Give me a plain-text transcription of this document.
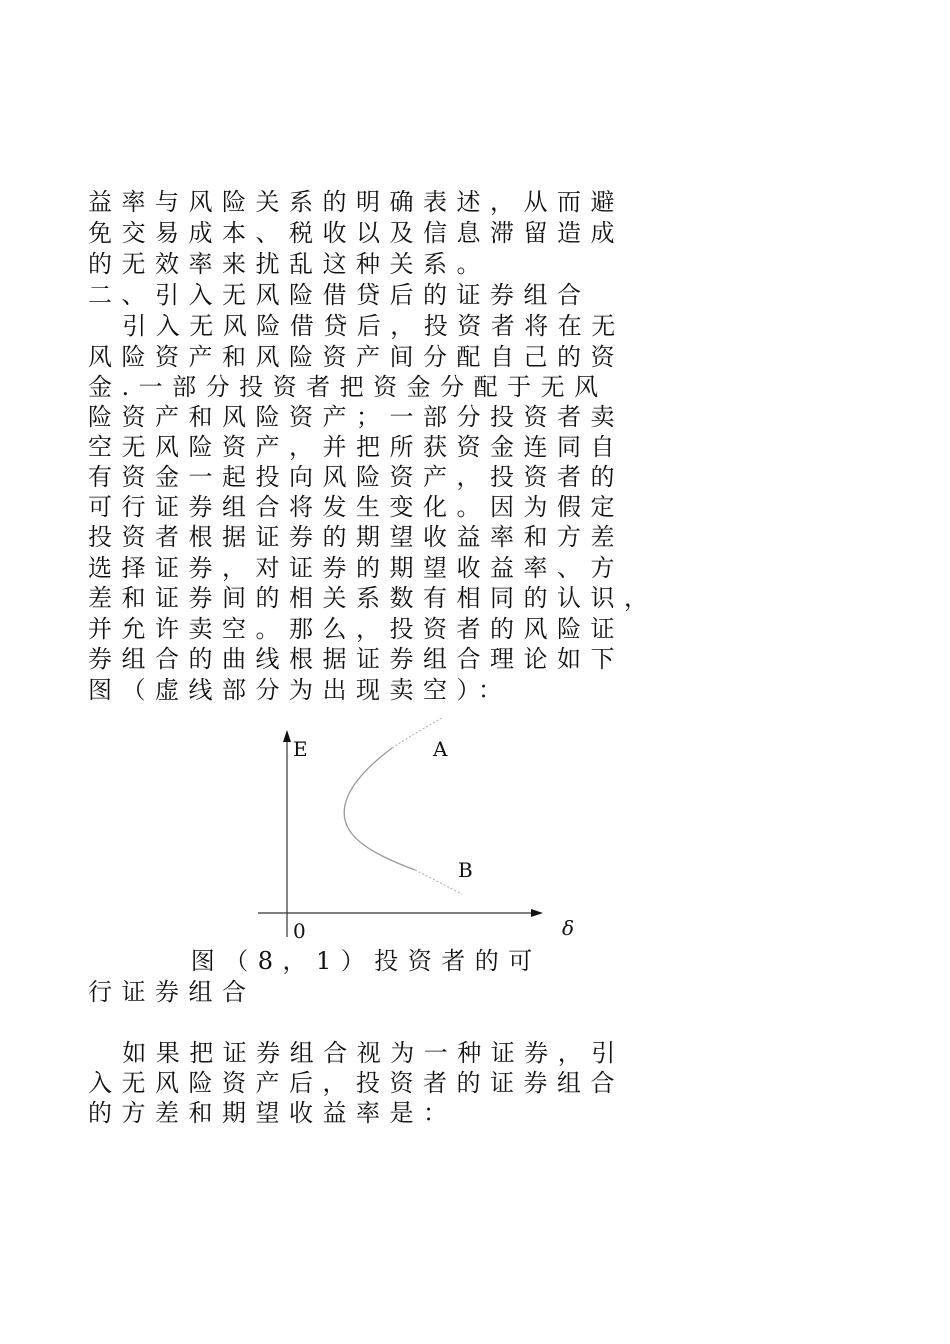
益率与风险关系的明确表述，从而避
免交易成本、税收以及信息滞留造成
的无效率来扰乱这种关系。
二、引入无风险借贷后的证券组合
引入无风险借贷后，投资者将在无
风险资产和风险资产间分配自己的资
金.一部分投资者把资金分配于无风
险资产和风险资产；一部分投资者卖
空无风险资产，并把所获资金连同自
有资金一起投向风险资产，投资者的
可行证券组合将发生变化。因为假定
投资者根据证券的期望收益率和方差
选择证券，对证券的期望收益率、方
差和证券间的相关系数有相同的认识，
并允许卖空。那么，投资者的风险证
券组合的曲线根据证券组合理论如下
图（虚线部分为出现卖空）：
E	A
B
0	δ
图（8，1）投资者的可
行证券组合
如果把证券组合视为一种证券，引
入无风险资产后，投资者的证券组合
的方差和期望收益率是：
